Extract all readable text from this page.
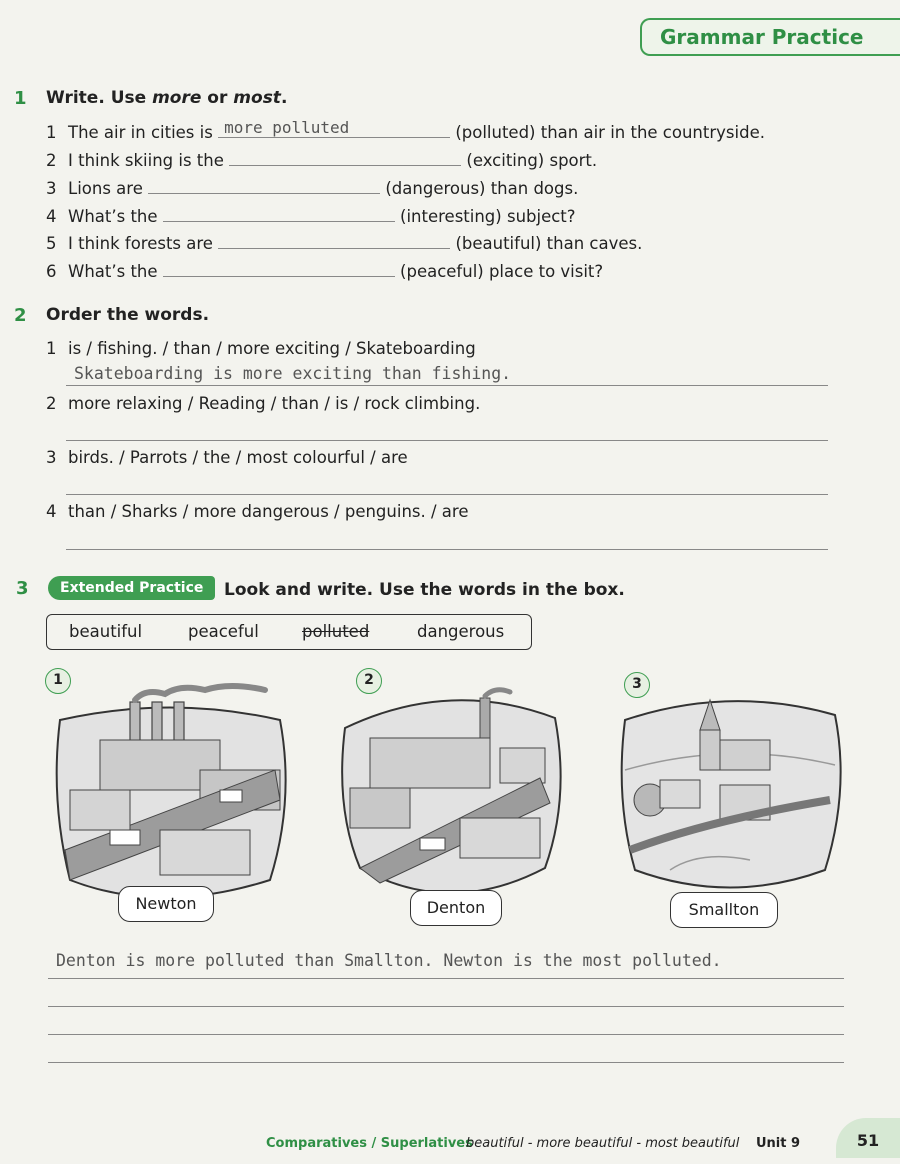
Grammar Practice
1 Write. Use more or most.
1 The air in cities is more polluted	(polluted) than air in the countryside.
2 I think skiing is the	(exciting) sport.
3 Lions are	(dangerous) than dogs.
4 What’s the	(interesting) subject?
5 I think forests are	(beautiful) than caves.
6 What’s the	(peaceful) place to visit?
2 Order the words.
1 is / fishing. / than / more exciting / Skateboarding
Skateboarding is more exciting than fishing.
2 more relaxing / Reading / than / is / rock climbing.
3 birds. / Parrots / the / most colourful / are
4 than / Sharks / more dangerous / penguins. / are
3	Extended Practice	Look and write. Use the words in the box.
beautiful	peaceful	polluted	dangerous
1
Newton
2
Denton
3
Smallton
Denton is more polluted than Smallton. Newton is the most polluted.
Comparatives / Superlatives
beautiful - more beautiful - most beautiful Unit 9	51
